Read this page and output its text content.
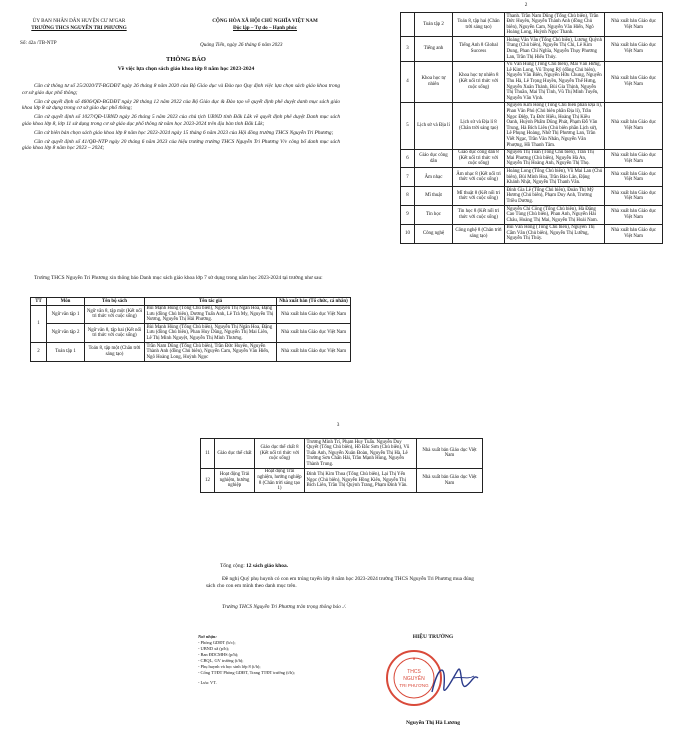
ỦY BAN NHÂN DÂN HUYỆN CƯ M'GAR
TRƯỜNG THCS NGUYỄN TRI PHƯƠNG
CỘNG HÒA XÃ HỘI CHỦ NGHĨA VIỆT NAM
Độc lập – Tự do – Hạnh phúc
Số: 42a /TB-NTP	Quảng Tiến, ngày 26 tháng 6 năm 2023
THÔNG BÁO
Về việc lựa chọn sách giáo khoa lớp 8 năm học 2023-2024

Căn cứ thông tư số 25/2020/TT-BGDĐT ngày 26 tháng 8 năm 2020 của Bộ Giáo dục và Đào tạo Quy định việc lựa chọn sách giáo khoa trong cơ sở giáo dục phổ thông;

Căn cứ quyết định số 4606/QĐ-BGDĐT ngày 28 tháng 12 năm 2022 của Bộ Giáo dục & Đào tạo về quyết định phê duyệt danh mục sách giáo khoa lớp 8 sử dụng trong cơ sở giáo dục phổ thông;

Căn cứ quyết định số 1027/QĐ-UBND ngày 26 tháng 5 năm 2023 của chủ tịch UBND tỉnh Đắk Lắk về quyết định phê duyệt Danh mục sách giáo khoa lớp 8, lớp 11 sử dụng trong cơ sở giáo dục phổ thông từ năm học 2023-2024 trên địa bàn tỉnh Đắk Lắk;

Căn cứ biên bản chọn sách giáo khoa lớp 8 năm học 2023-2024 ngày 15 tháng 6 năm 2023 của Hội đồng trường THCS Nguyễn Tri Phương;

Căn cứ quyết định số 41/QĐ-NTP ngày 20 tháng 6 năm 2023 của hiệu trưởng trường THCS Nguyễn Tri Phương V/v công bố danh mục sách giáo khoa lớp 8 năm học 2023 – 2024;

Trường THCS Nguyễn Tri Phương xin thông báo Danh mục sách giáo khoa lớp 7 sử dụng trong năm học 2023-2024 tại trường như sau:
TT	Môn	Tên bộ sách	Tên tác giả	Nhà xuất bản (Tổ chức, cá nhân)
1	Ngữ văn tập 1	Ngữ văn 8, tập một (Kết nối tri thức với cuộc sống)	Bùi Mạnh Hùng (Tổng Chủ biên), Nguyễn Thị Ngân Hoa, Đặng Lưu (đồng Chủ biên), Dương Tuấn Anh, Lê Trà My, Nguyễn Thị Nương, Nguyễn Thị Hải Phương.	Nhà xuất bản Giáo dục Việt Nam
	Ngữ văn tập 2	Ngữ văn 8, tập hai (Kết nối tri thức với cuộc sống)	Bùi Mạnh Hùng (Tổng Chủ biên), Nguyễn Thị Ngân Hoa, Đặng Lưu (đồng Chủ biên), Phan Huy Dũng, Nguyễn Thị Mai Liên, Lê Thị Minh Nguyệt, Nguyễn Thị Minh Thương.	Nhà xuất bản Giáo dục Việt Nam
2	Toán tập 1	Toán 8, tập một (Chân trời sáng tạo)	Trần Nam Dũng (Tổng Chủ biên), Trần Đức Huyên, Nguyễn Thành Anh (đồng Chủ biên), Nguyễn Cam, Nguyễn Văn Hiển, Ngô Hoàng Long, Huỳnh Ngọc	Nhà xuất bản Giáo dục Việt Nam
2
	Toán tập 2	Toán 8, tập hai (Chân trời sáng tạo)	Thanh. Trần Nam Dũng (Tổng Chủ biên), Trần Đức Huyên, Nguyễn Thành Anh (đồng Chủ biên), Nguyễn Cam, Nguyễn Văn Hiển, Ngô Hoàng Long, Huỳnh Ngọc Thanh.	Nhà xuất bản Giáo dục Việt Nam
3	Tiếng anh	Tiếng Anh 8 Global Success	Hoàng Văn Vân (Tổng Chủ biên), Lương Quỳnh Trang (Chủ biên), Nguyễn Thị Chi, Lê Kim Dung, Phan Chí Nghĩa, Nguyễn Thụy Phương Lan, Trần Thị Hiếu Thủy.	Nhà xuất bản Giáo dục Việt Nam
4	Khoa học tự nhiên	Khoa học tự nhiên 8 (Kết nối tri thức với cuộc sống)	Vũ Văn Hùng (Tổng Chủ biên), Mai Văn Hưng, Lê Kim Long, Vũ Trọng Rỹ (đồng Chủ biên), Nguyễn Văn Biên, Nguyễn Hữu Chung, Nguyễn Thu Hà, Lê Trọng Huyền, Nguyễn Thế Hưng, Nguyễn Xuân Thành, Bùi Gia Thịnh, Nguyễn Thị Thuần, Mai Thị Tình, Vũ Thị Minh Tuyến, Nguyễn Văn Vịnh.	Nhà xuất bản Giáo dục Việt Nam
5	Lịch sử và Địa lí	Lịch sử và Địa lí 8 (Chân trời sáng tạo)	Nguyễn Kim Hồng (Tổng Chủ biên phần Địa lí), Phan Văn Phú (Chủ biên phần Địa lí), Trần Ngọc Điệp, Tạ Đức Hiếu, Hoàng Thị Kiều Oanh, Huỳnh Phẩm Dũng Phát, Phạm Đỗ Văn Trung, Hà Bích Liên (Chủ biên phần Lịch sử), Lê Phụng Hoàng, Nhữ Thị Phương Lan, Trần Viết Ngạc, Trần Văn Nhân, Nguyễn Văn Phượng, Hồ Thanh Tâm.	Nhà xuất bản Giáo dục Việt Nam
6	Giáo dục công dân	Giáo dục công dân 8 (Kết nối tri thức với cuộc sống)	Nguyễn Thị Toan (Tổng Chủ biên), Trần Thị Mai Phương (Chủ biên), Nguyễn Hà An, Nguyễn Thị Hoàng Anh, Nguyễn Thị Thọ.	Nhà xuất bản Giáo dục Việt Nam
7	Âm nhạc	Âm nhạc 8 (Kết nối tri thức với cuộc sống)	Hoàng Long (Tổng Chủ biên), Vũ Mai Lan (Chủ biên), Bùi Minh Hoa, Trần Bảo Lân, Đặng Khánh Nhật, Nguyễn Thị Thanh Vân.	Nhà xuất bản Giáo dục Việt Nam
8	Mĩ thuật	Mĩ thuật 8 (Kết nối tri thức với cuộc sống)	Đinh Gia Lê (Tổng Chủ biên), Đoàn Thị Mỹ Hương (Chủ biên), Phạm Duy Anh, Trương Triều Dương.	Nhà xuất bản Giáo dục Việt Nam
9	Tin học	Tin học 8 (Kết nối tri thức với cuộc sống)	Nguyễn Chí Công (Tổng Chủ biên), Hà Đặng Cao Tùng (Chủ biên), Phan Anh, Nguyễn Hải Châu, Hoàng Thị Mai, Nguyễn Thị Hoài Nam.	Nhà xuất bản Giáo dục Việt Nam
10	Công nghệ	Công nghệ 8 (Chân trời sáng tạo)	Bùi Văn Hồng (Tổng Chủ biên), Nguyễn Thị Cẩm Vân (Chủ biên), Nguyễn Thị Lưỡng, Nguyễn Thị Thúy.	Nhà xuất bản Giáo dục Việt Nam
3
11	Giáo dục thể chất	Giáo dục thể chất 8 (Kết nối tri thức với cuộc sống)	Trương Minh Trí, Phạm Huy Tuấn. Nguyễn Duy Quyết (Tổng Chủ biên), Hồ Đắc Sơn (Chủ biên), Vũ Tuấn Anh, Nguyễn Xuân Đoàn, Nguyễn Thị Hà, Lê Trường Sơn Chấn Hải, Trần Mạnh Hùng, Nguyễn Thành Trung.	Nhà xuất bản Giáo dục Việt Nam
12	Hoạt động Trải nghiệm, hướng nghiệp	Hoạt động Trải nghiệm, hướng nghiệp 8 (Chân trời sáng tạo 1)	Đinh Thị Kim Thoa (Tổng Chủ biên), Lại Thị Yến Ngọc (Chủ biên), Nguyễn Hồng Kiên, Nguyễn Thị Bích Liên, Trần Thị Quỳnh Trang, Phạm Đình Văn.	Nhà xuất bản Giáo dục Việt Nam
Tổng cộng: 12 sách giáo khoa.
Đề nghị Quý phụ huynh có con em trúng tuyển lớp 8 năm học 2023-2024 trường THCS Nguyễn Tri Phương mua đúng sách cho con em mình theo danh mục trên.
Trường THCS Nguyễn Tri Phương trân trọng thông báo ./.
Nơi nhận:
- Phòng GDĐT (b/c);
- UBND xã (p/h);
- Ban ĐDCMHS (p/h);
- CBQL, GV trường (t/h);
- Phụ huynh và học sinh lớp 8 (t/h);
- Cổng TTĐT Phòng GDĐT, Trang TTĐT trường (t/h);
- Lưu: VT.
HIỆU TRƯỞNG
THCS
NGUYỄN
TRI PHƯƠNG
★
Nguyễn Thị Hà Lương
